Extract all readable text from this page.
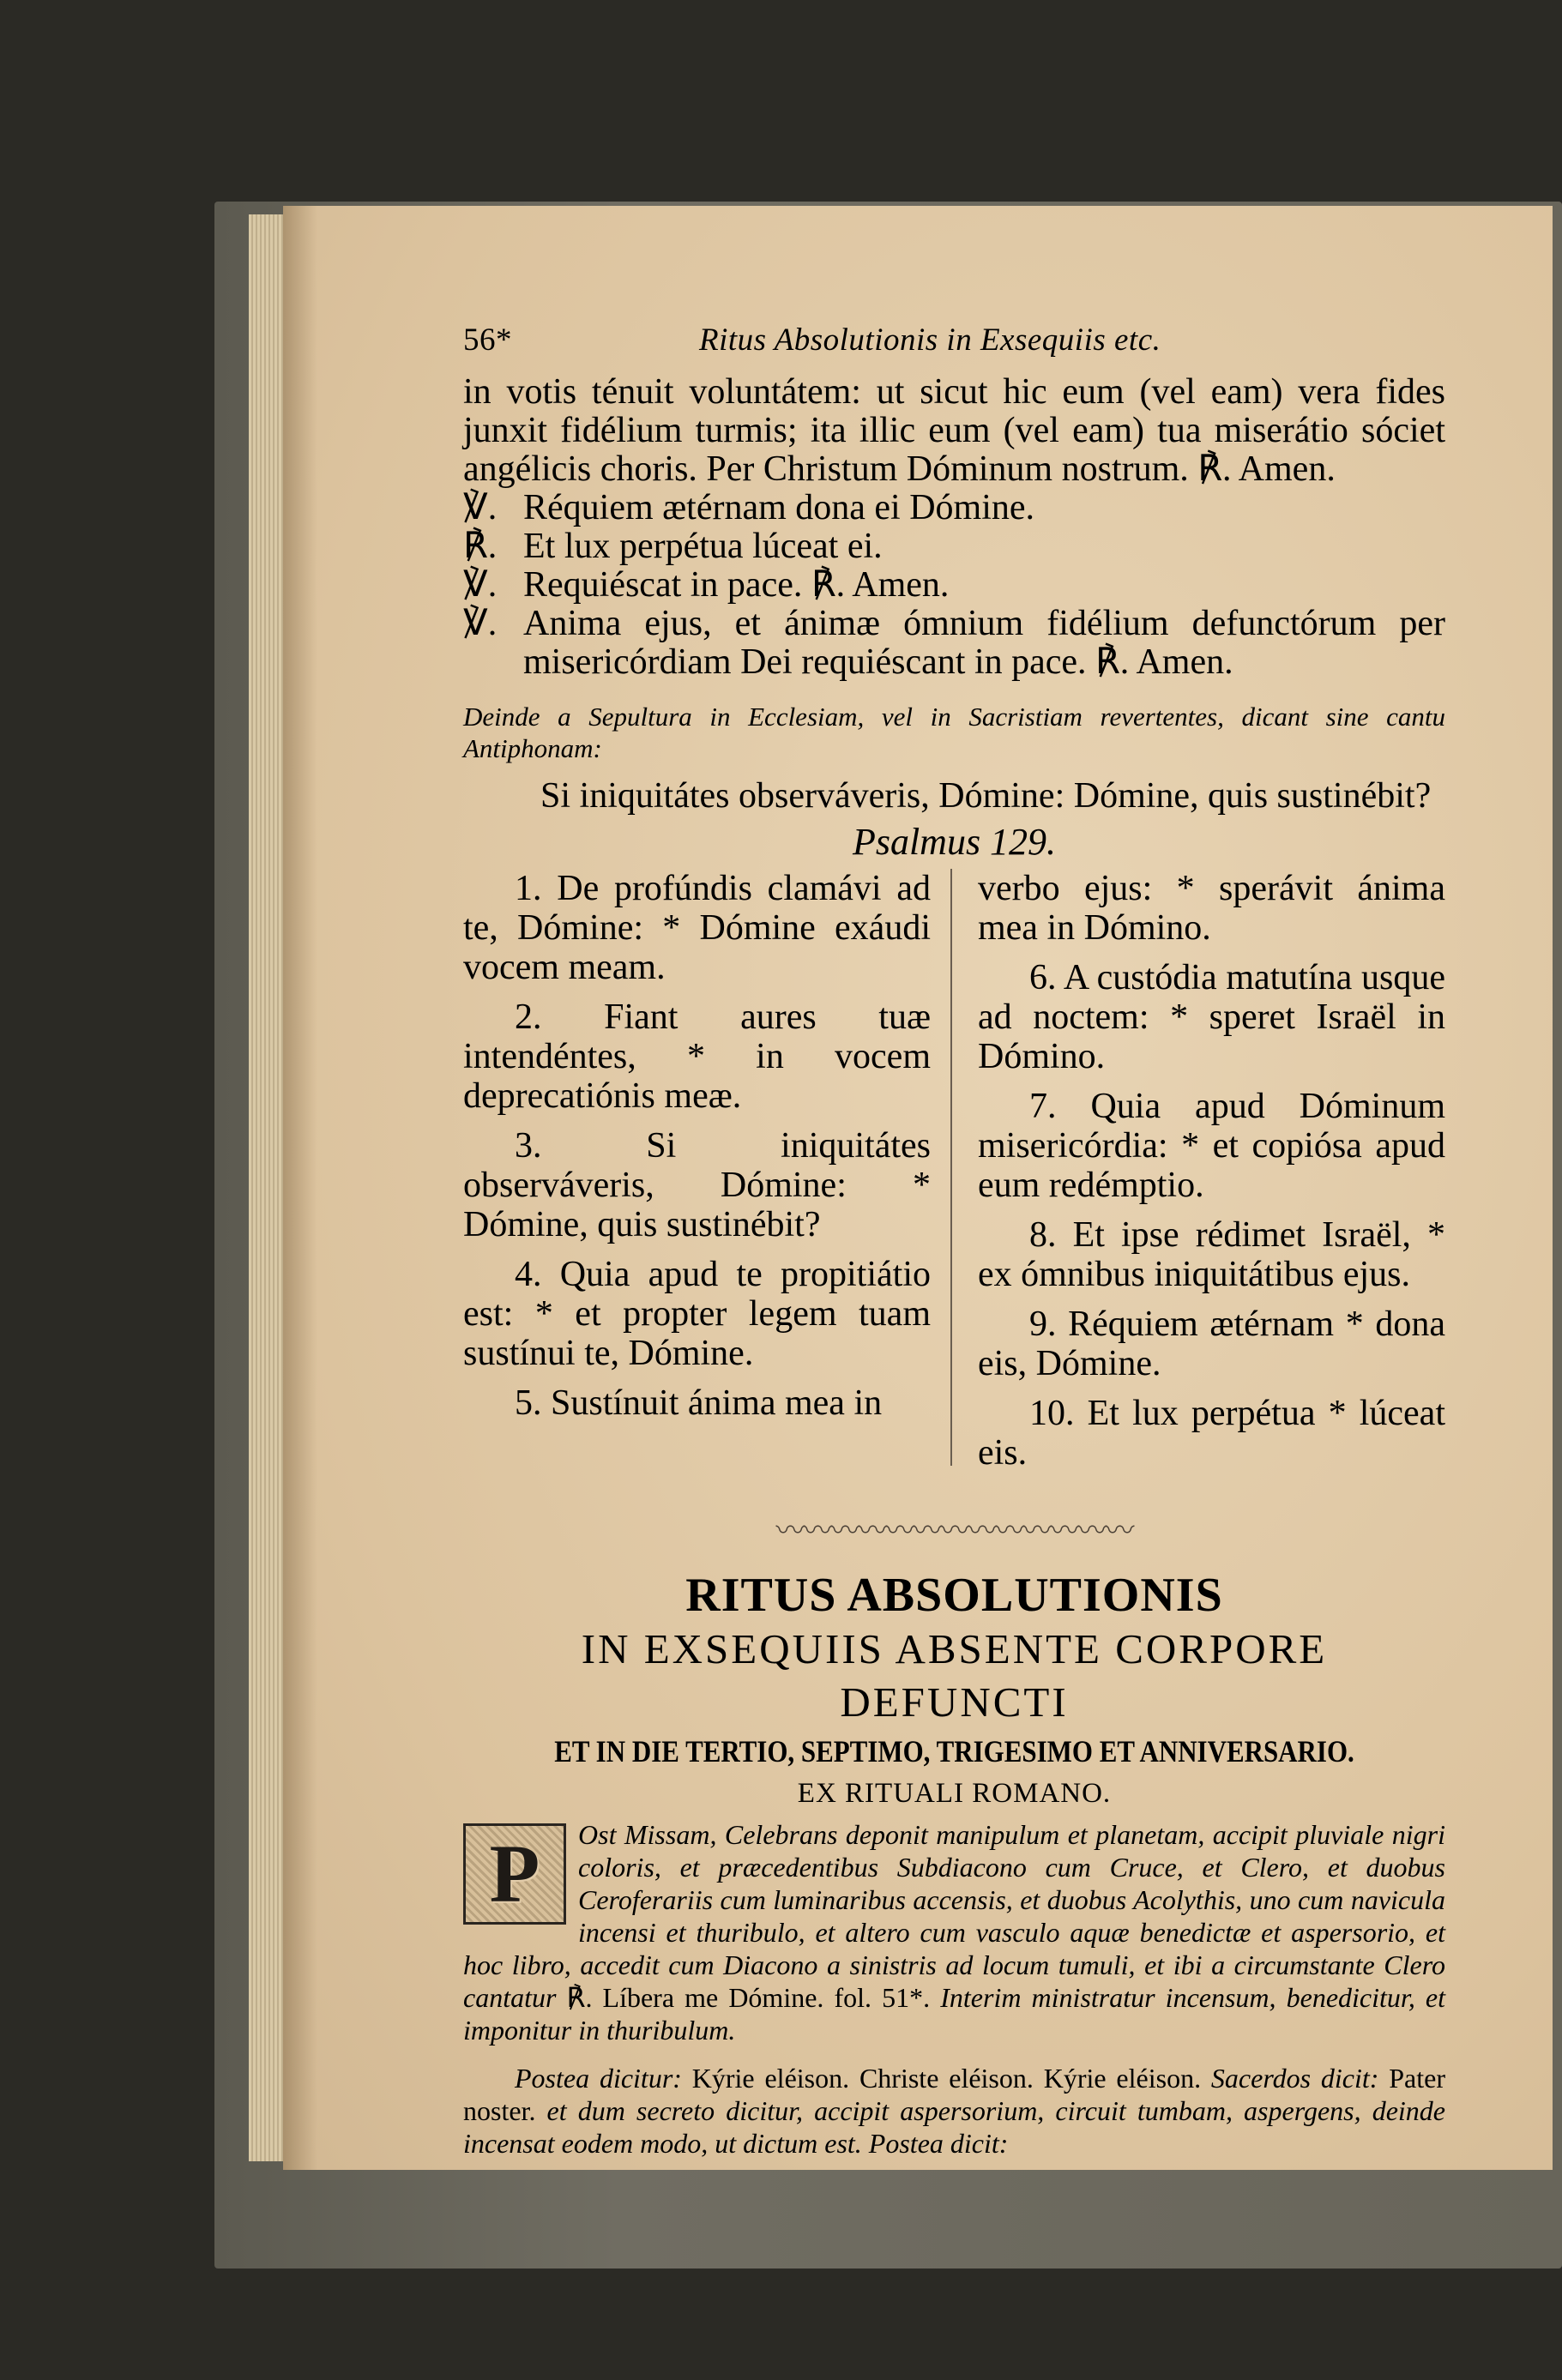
56*	Ritus Absolutionis in Exsequiis etc.

in votis ténuit voluntátem: ut sicut hic eum (vel eam) vera fides junxit fidélium turmis; ita illic eum (vel eam) tua miserátio sóciet angélicis choris. Per Christum Dóminum nostrum. ℟. Amen.

℣. Réquiem ætérnam dona ei Dómine.

℟. Et lux perpétua lúceat ei.

℣. Requiéscat in pace. ℟. Amen.

℣. Anima ejus, et ánimæ ómnium fidélium defunctórum per misericórdiam Dei requiéscant in pace. ℟. Amen.

Deinde a Sepultura in Ecclesiam, vel in Sacristiam revertentes, dicant sine cantu Antiphonam:

Si iniquitátes observáveris, Dómine: Dómine, quis sustinébit?

Psalmus 129.

1. De profúndis clamávi ad te, Dómine: * Dómine exáudi vocem meam.

2. Fiant aures tuæ intendéntes, * in vocem deprecatiónis meæ.

3. Si iniquitátes observáveris, Dómine: * Dómine, quis sustinébit?

4. Quia apud te propitiátio est: * et propter legem tuam sustínui te, Dómine.

5. Sustínuit ánima mea in

verbo ejus: * sperávit ánima mea in Dómino.

6. A custódia matutína usque ad noctem: * speret Israël in Dómino.

7. Quia apud Dóminum misericórdia: * et copiósa apud eum redémptio.

8. Et ipse rédimet Israël, * ex ómnibus iniquitátibus ejus.

9. Réquiem ætérnam * dona eis, Dómine.

10. Et lux perpétua * lúceat eis.

〰〰〰〰〰〰〰〰〰〰〰〰〰
RITUS ABSOLUTIONIS
IN EXSEQUIIS ABSENTE CORPORE DEFUNCTI
ET IN DIE TERTIO, SEPTIMO, TRIGESIMO ET ANNIVERSARIO.
EX RITUALI ROMANO.

P	Ost Missam, Celebrans deponit manipulum et planetam, accipit pluviale nigri coloris, et præcedentibus Subdiacono cum Cruce, et Clero, et duobus Ceroferariis cum luminaribus accensis, et duobus Acolythis, uno cum navicula incensi et thuribulo, et altero cum vasculo aquæ benedictæ et aspersorio, et hoc libro, accedit cum Diacono a sinistris ad locum tumuli, et ibi a circumstante Clero cantatur ℟. Líbera me Dómine. fol. 51*. Interim ministratur incensum, benedicitur, et imponitur in thuribulum.

Postea dicitur: Kýrie eléison. Christe eléison. Kýrie eléison. Sacerdos dicit: Pater noster. et dum secreto dicitur, accipit aspersorium, circuit tumbam, aspergens, deinde incensat eodem modo, ut dictum est. Postea dicit:
